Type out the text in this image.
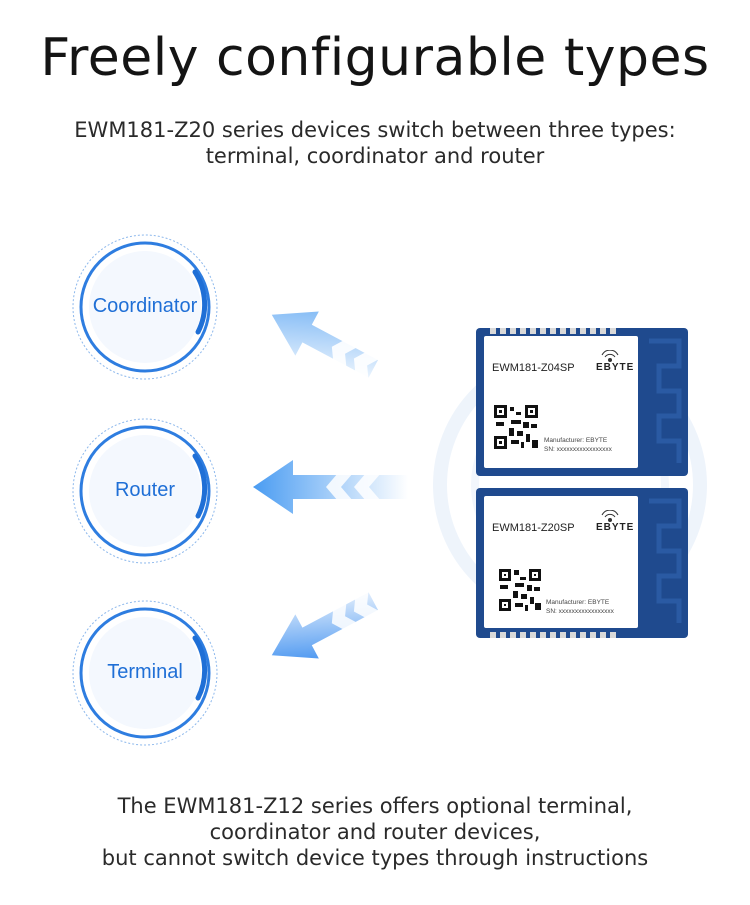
Freely configurable types
EWM181-Z20 series devices switch between three types:
terminal, coordinator and router
Coordinator
Router
Terminal
EWM181-Z04SP EBYTE
Manufacturer: EBYTE
SN: xxxxxxxxxxxxxxxxx
EWM181-Z20SP EBYTE
Manufacturer: EBYTE
SN: xxxxxxxxxxxxxxxxx
The EWM181-Z12 series offers optional terminal,
coordinator and router devices,
but cannot switch device types through instructions
